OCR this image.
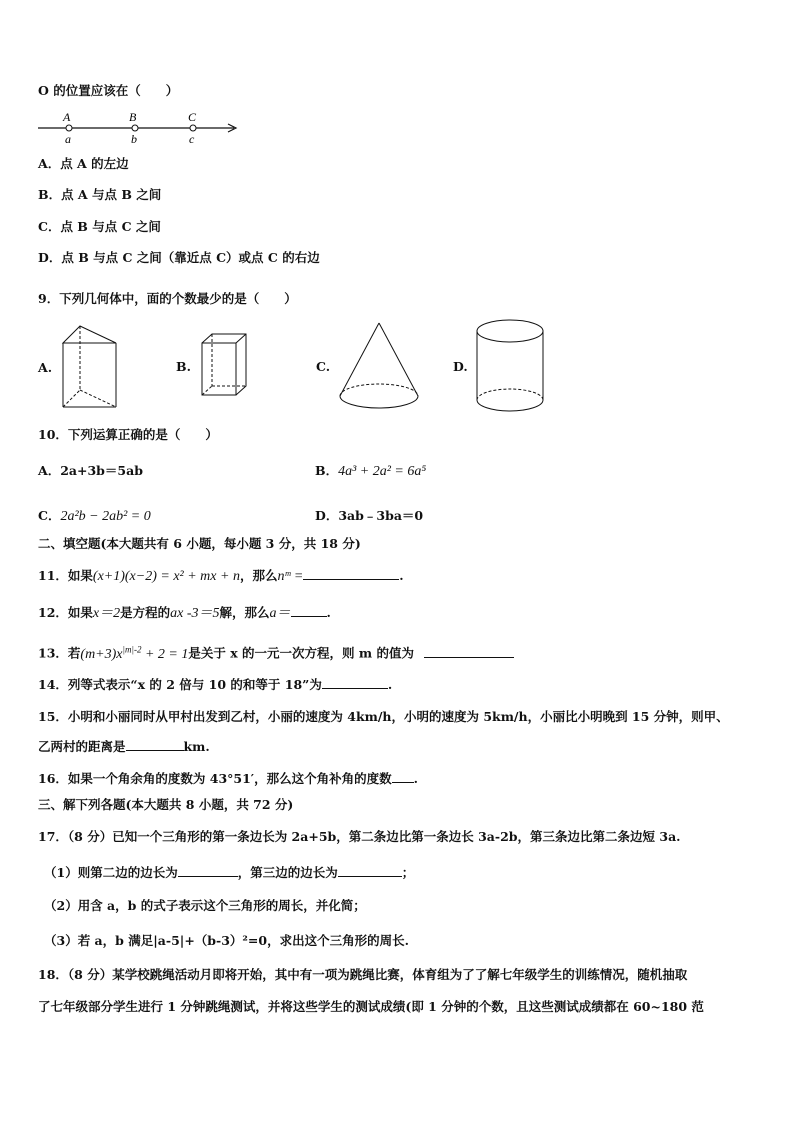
O 的位置应该在（　　）
A	B	C
a	b	c
A．点 A 的左边
B．点 A 与点 B 之间
C．点 B 与点 C 之间
D．点 B 与点 C 之间（靠近点 C）或点 C 的右边
9．下列几何体中，面的个数最少的是（　　）
A.	B.	C.	D.
10．下列运算正确的是（　　）
A．2a+3b＝5ab	B．4a³ + 2a² = 6a⁵
C．2a²b − 2ab² = 0	D．3ab﹣3ba＝0
二、填空题(本大题共有 6 小题，每小题 3 分，共 18 分)
11．如果(x+1)(x−2) = x² + mx + n，那么nᵐ =	.
12．如果x＝2是方程的ax -3＝5解，那么a＝	.
13．若$(m+3)x^{|m|-2} + 2 = 1$是关于 x 的一元一次方程，则 m 的值为
14．列等式表示“x 的 2 倍与 10 的和等于 18”为	.
15．小明和小丽同时从甲村出发到乙村，小丽的速度为 4km/h，小明的速度为 5km/h，小丽比小明晚到 15 分钟，则甲、
乙两村的距离是	km.
16．如果一个角余角的度数为 43°51′，那么这个角补角的度数 .
三、解下列各题(本大题共 8 小题，共 72 分)
17．（8 分）已知一个三角形的第一条边长为 2a+5b，第二条边比第一条边长 3a-2b，第三条边比第二条边短 3a.
（1）则第二边的边长为	，第三边的边长为	；
（2）用含 a，b 的式子表示这个三角形的周长，并化简；
（3）若 a，b 满足|a-5|+（b-3）²=0，求出这个三角形的周长.
18．（8 分）某学校跳绳活动月即将开始，其中有一项为跳绳比赛，体育组为了了解七年级学生的训练情况，随机抽取
了七年级部分学生进行 1 分钟跳绳测试，并将这些学生的测试成绩(即 1 分钟的个数，且这些测试成绩都在 60~180 范
